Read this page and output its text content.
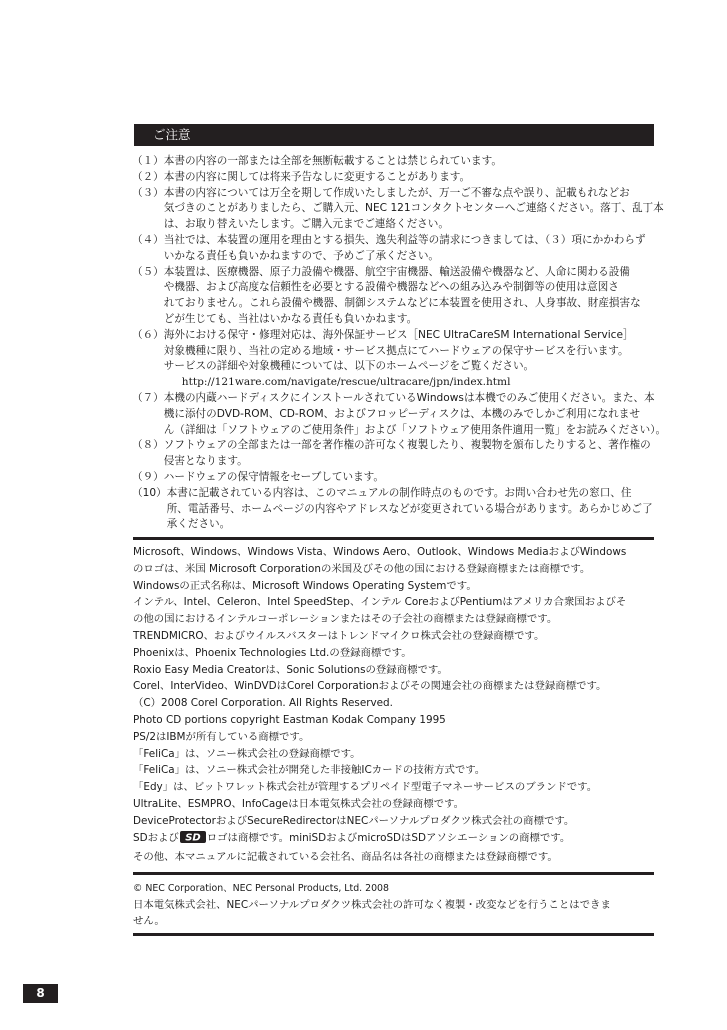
ご注意
（１） 本書の内容の一部または全部を無断転載することは禁じられています。
（２） 本書の内容に関しては将来予告なしに変更することがあります。
（３） 本書の内容については万全を期して作成いたしましたが、万一ご不審な点や誤り、記載もれなどお
気づきのことがありましたら、ご購入元、NEC 121コンタクトセンターへご連絡ください。落丁、乱丁本
は、お取り替えいたします。ご購入元までご連絡ください。
（４） 当社では、本装置の運用を理由とする損失、逸失利益等の請求につきましては、（３）項にかかわらず
いかなる責任も負いかねますので、予めご了承ください。
（５） 本装置は、医療機器、原子力設備や機器、航空宇宙機器、輸送設備や機器など、人命に関わる設備
や機器、および高度な信頼性を必要とする設備や機器などへの組み込みや制御等の使用は意図さ
れておりません。これら設備や機器、制御システムなどに本装置を使用され、人身事故、財産損害な
どが生じても、当社はいかなる責任も負いかねます。
（６） 海外における保守・修理対応は、海外保証サービス［NEC UltraCareSM International Service］
対象機種に限り、当社の定める地域・サービス拠点にてハードウェアの保守サービスを行います。
サービスの詳細や対象機種については、以下のホームページをご覧ください。
http://121ware.com/navigate/rescue/ultracare/jpn/index.html
（７） 本機の内蔵ハードディスクにインストールされているWindowsは本機でのみご使用ください。また、本
機に添付のDVD-ROM、CD-ROM、およびフロッピーディスクは、本機のみでしかご利用になれませ
ん（詳細は「ソフトウェアのご使用条件」および「ソフトウェア使用条件適用一覧」をお読みください）。
（８） ソフトウェアの全部または一部を著作権の許可なく複製したり、複製物を頒布したりすると、著作権の
侵害となります。
（９） ハードウェアの保守情報をセーブしています。
（10） 本書に記載されている内容は、このマニュアルの制作時点のものです。お問い合わせ先の窓口、住
所、電話番号、ホームページの内容やアドレスなどが変更されている場合があります。あらかじめご了
承ください。
Microsoft、Windows、Windows Vista、Windows Aero、Outlook、Windows MediaおよびWindows
のロゴは、米国 Microsoft Corporationの米国及びその他の国における登録商標または商標です。
Windowsの正式名称は、Microsoft Windows Operating Systemです。
インテル、Intel、Celeron、Intel SpeedStep、インテル CoreおよびPentiumはアメリカ合衆国およびそ
の他の国におけるインテルコーポレーションまたはその子会社の商標または登録商標です。
TRENDMICRO、およびウイルスバスターはトレンドマイクロ株式会社の登録商標です。
Phoenixは、Phoenix Technologies Ltd.の登録商標です。
Roxio Easy Media Creatorは、Sonic Solutionsの登録商標です。
Corel、InterVideo、WinDVDはCorel Corporationおよびその関連会社の商標または登録商標です。
（C）2008 Corel Corporation. All Rights Reserved.
Photo CD portions copyright Eastman Kodak Company 1995
PS/2はIBMが所有している商標です。
「FeliCa」は、ソニー株式会社の登録商標です。
「FeliCa」は、ソニー株式会社が開発した非接触ICカードの技術方式です。
「Edy」は、ビットワレット株式会社が管理するプリペイド型電子マネーサービスのブランドです。
UltraLite、ESMPRO、InfoCageは日本電気株式会社の登録商標です。
DeviceProtectorおよびSecureRedirectorはNECパーソナルプロダクツ株式会社の商標です。
SDおよび SD ロゴは商標です。miniSDおよびmicroSDはSDアソシエーションの商標です。
その他、本マニュアルに記載されている会社名、商品名は各社の商標または登録商標です。
© NEC Corporation、NEC Personal Products, Ltd. 2008
日本電気株式会社、NECパーソナルプロダクツ株式会社の許可なく複製・改変などを行うことはできま
せん。
8
